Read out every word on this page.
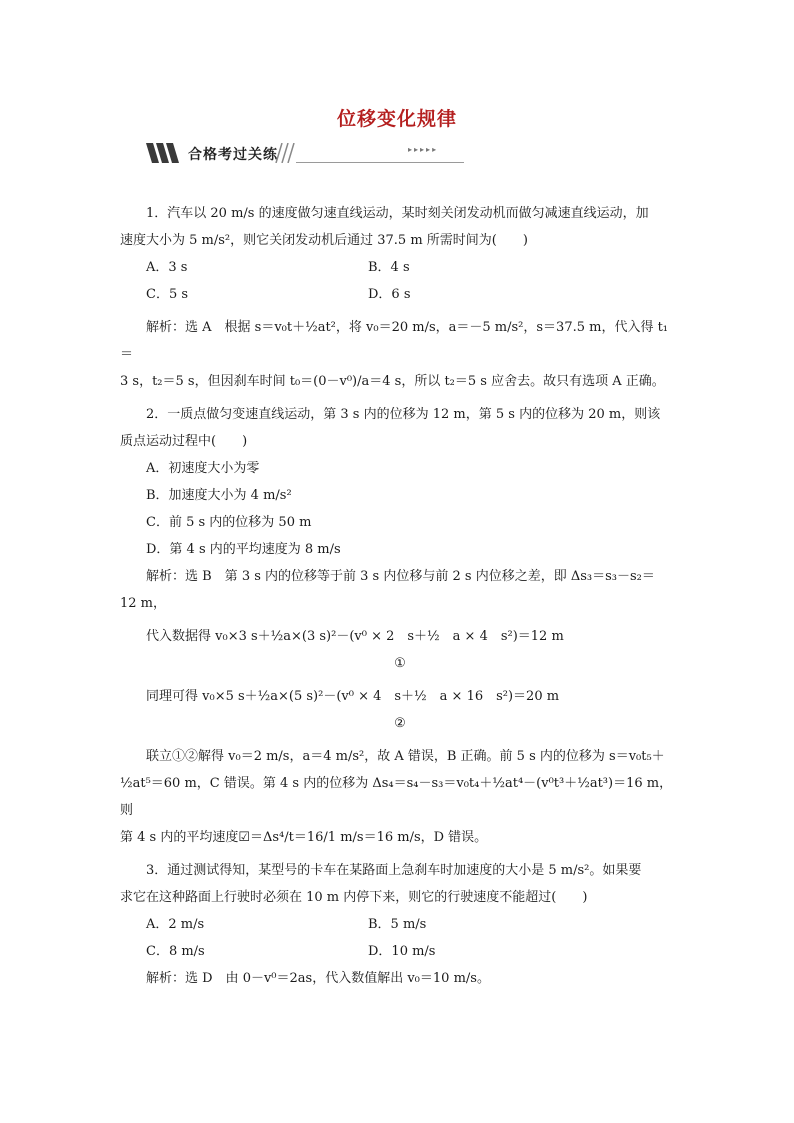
位移变化规律
合格考过关练	▸▸▸▸▸

1．汽车以 20 m/s 的速度做匀速直线运动，某时刻关闭发动机而做匀减速直线运动，加

速度大小为 5 m/s²，则它关闭发动机后通过 37.5 m 所需时间为(　　)

A．3 s	B．4 s
C．5 s	D．6 s

解析：选 A　根据 s＝v₀t＋½at²，将 v₀＝20 m/s，a＝－5 m/s²，s＝37.5 m，代入得 t₁＝

3 s，t₂＝5 s，但因刹车时间 t₀＝(0－v⁰)/a＝4 s，所以 t₂＝5 s 应舍去。故只有选项 A 正确。

2．一质点做匀变速直线运动，第 3 s 内的位移为 12 m，第 5 s 内的位移为 20 m，则该

质点运动过程中(　　)

A．初速度大小为零

B．加速度大小为 4 m/s²

C．前 5 s 内的位移为 50 m

D．第 4 s 内的平均速度为 8 m/s

解析：选 B　第 3 s 内的位移等于前 3 s 内位移与前 2 s 内位移之差，即 Δs₃＝s₃－s₂＝

12 m，

代入数据得 v₀×3 s＋½a×(3 s)²－(v⁰ × 2　s＋½　a × 4　s²)＝12 m

①

同理可得 v₀×5 s＋½a×(5 s)²－(v⁰ × 4　s＋½　a × 16　s²)＝20 m

②

联立①②解得 v₀＝2 m/s，a＝4 m/s²，故 A 错误，B 正确。前 5 s 内的位移为 s＝v₀t₅＋

½at⁵＝60 m，C 错误。第 4 s 内的位移为 Δs₄＝s₄－s₃＝v₀t₄＋½at⁴－(v⁰t³＋½at³)＝16 m，则

第 4 s 内的平均速度☑＝Δs⁴/t＝16/1 m/s＝16 m/s，D 错误。

3．通过测试得知，某型号的卡车在某路面上急刹车时加速度的大小是 5 m/s²。如果要

求它在这种路面上行驶时必须在 10 m 内停下来，则它的行驶速度不能超过(　　)

A．2 m/s	B．5 m/s
C．8 m/s	D．10 m/s

解析：选 D　由 0－v⁰＝2as，代入数值解出 v₀＝10 m/s。
